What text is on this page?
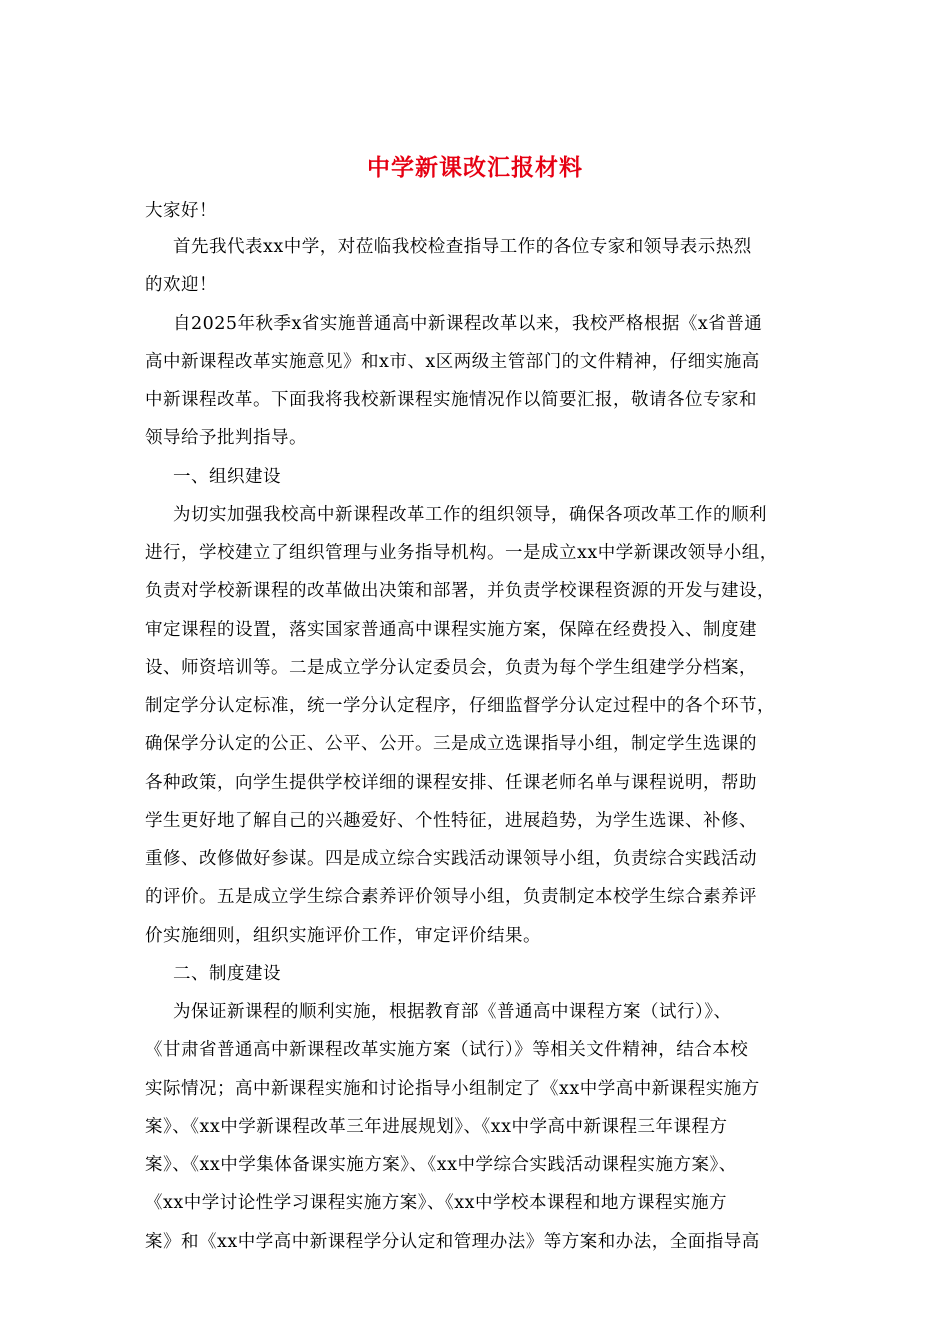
中学新课改汇报材料
大家好！
首先我代表xx中学，对莅临我校检查指导工作的各位专家和领导表示热烈
的欢迎！
自2025年秋季x省实施普通高中新课程改革以来，我校严格根据《x省普通
高中新课程改革实施意见》和x市、x区两级主管部门的文件精神，仔细实施高
中新课程改革。下面我将我校新课程实施情况作以简要汇报，敬请各位专家和
领导给予批判指导。
一、组织建设
为切实加强我校高中新课程改革工作的组织领导，确保各项改革工作的顺利
进行，学校建立了组织管理与业务指导机构。一是成立xx中学新课改领导小组，
负责对学校新课程的改革做出决策和部署，并负责学校课程资源的开发与建设，
审定课程的设置，落实国家普通高中课程实施方案，保障在经费投入、制度建
设、师资培训等。二是成立学分认定委员会，负责为每个学生组建学分档案，
制定学分认定标准，统一学分认定程序，仔细监督学分认定过程中的各个环节，
确保学分认定的公正、公平、公开。三是成立选课指导小组，制定学生选课的
各种政策，向学生提供学校详细的课程安排、任课老师名单与课程说明，帮助
学生更好地了解自己的兴趣爱好、个性特征，进展趋势，为学生选课、补修、
重修、改修做好参谋。四是成立综合实践活动课领导小组，负责综合实践活动
的评价。五是成立学生综合素养评价领导小组，负责制定本校学生综合素养评
价实施细则，组织实施评价工作，审定评价结果。
二、制度建设
为保证新课程的顺利实施，根据教育部《普通高中课程方案（试行）》、
《甘肃省普通高中新课程改革实施方案（试行）》等相关文件精神，结合本校
实际情况；高中新课程实施和讨论指导小组制定了《xx中学高中新课程实施方
案》、《xx中学新课程改革三年进展规划》、《xx中学高中新课程三年课程方
案》、《xx中学集体备课实施方案》、《xx中学综合实践活动课程实施方案》、
《xx中学讨论性学习课程实施方案》、《xx中学校本课程和地方课程实施方
案》和《xx中学高中新课程学分认定和管理办法》等方案和办法，全面指导高
